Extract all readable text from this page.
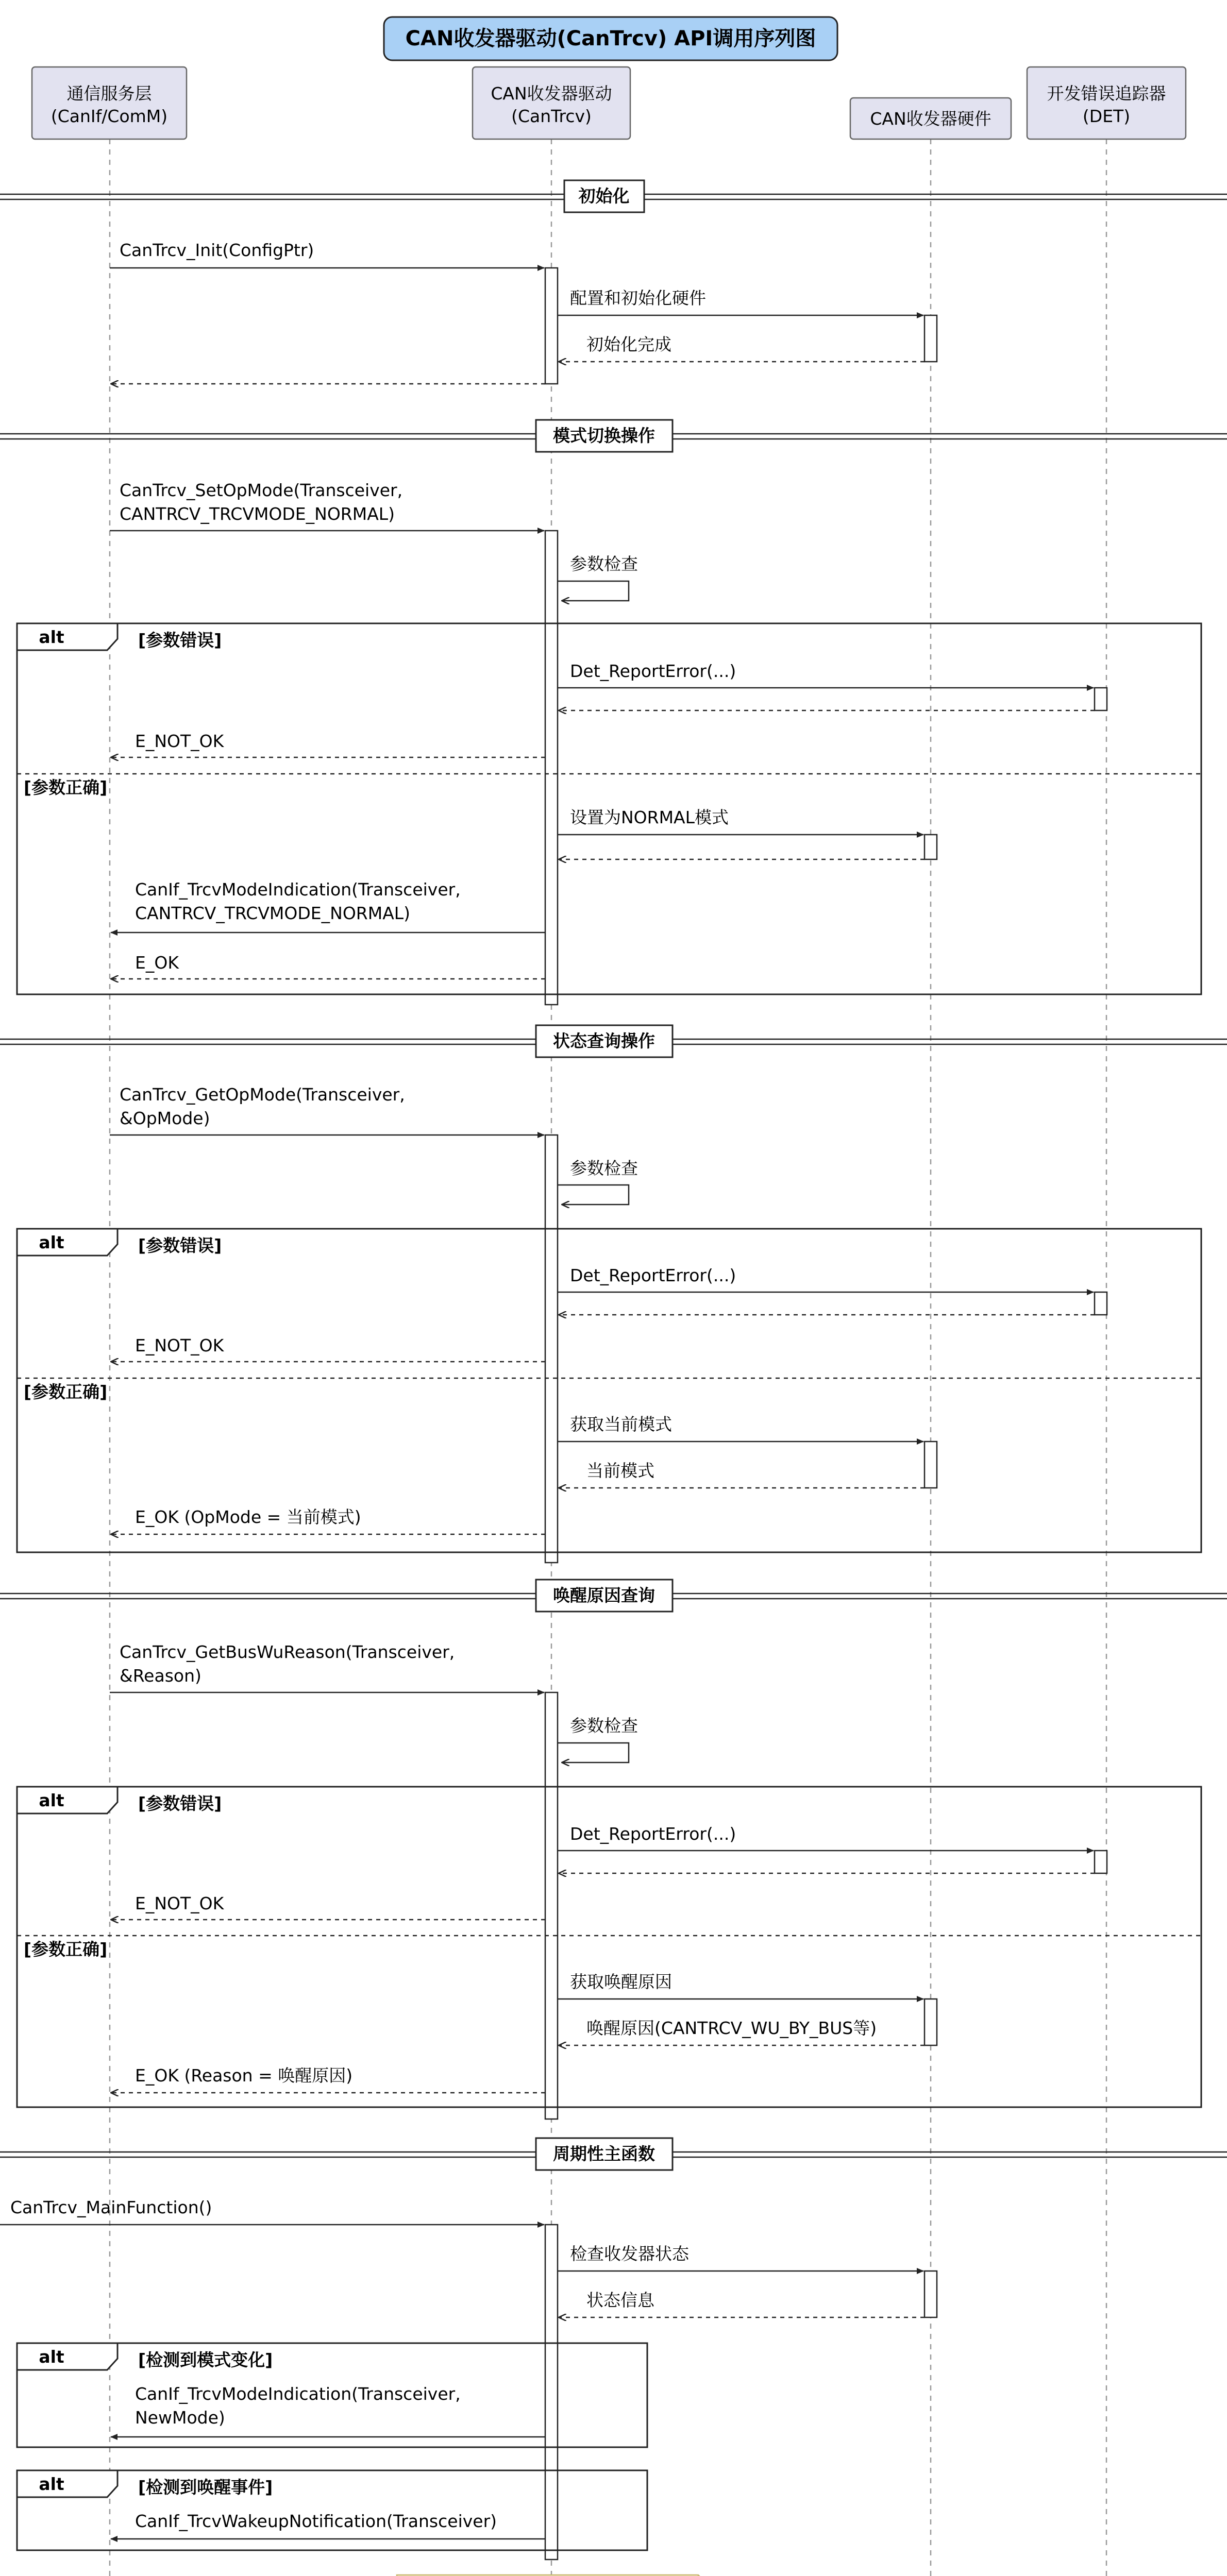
CAN收发器驱动(CanTrcv) API调用序列图
通信服务层
(CanIf/ComM)
CAN收发器驱动
(CanTrcv)	CAN收发器硬件
开发错误追踪器
(DET)
初始化
CanTrcv_Init(ConfigPtr)
配置和初始化硬件
初始化完成
模式切换操作
CanTrcv_SetOpMode(Transceiver,
CANTRCV_TRCVMODE_NORMAL)
参数检查
alt	[参数错误]
[参数正确]
Det_ReportError(...)
E_NOT_OK
设置为NORMAL模式
CanIf_TrcvModeIndication(Transceiver,
CANTRCV_TRCVMODE_NORMAL)
E_OK
状态查询操作
CanTrcv_GetOpMode(Transceiver,
&OpMode)
参数检查
alt	[参数错误]
[参数正确]
Det_ReportError(...)
E_NOT_OK
获取当前模式
当前模式
E_OK (OpMode = 当前模式)
唤醒原因查询
CanTrcv_GetBusWuReason(Transceiver,
&Reason)
参数检查
alt	[参数错误]
[参数正确]
Det_ReportError(...)
E_NOT_OK
获取唤醒原因
唤醒原因(CANTRCV_WU_BY_BUS等)
E_OK (Reason = 唤醒原因)
周期性主函数
CanTrcv_MainFunction()
检查收发器状态
状态信息
alt	[检测到模式变化]
CanIf_TrcvModeIndication(Transceiver,
NewMode)
alt	[检测到唤醒事件]
CanIf_TrcvWakeupNotification(Transceiver)
